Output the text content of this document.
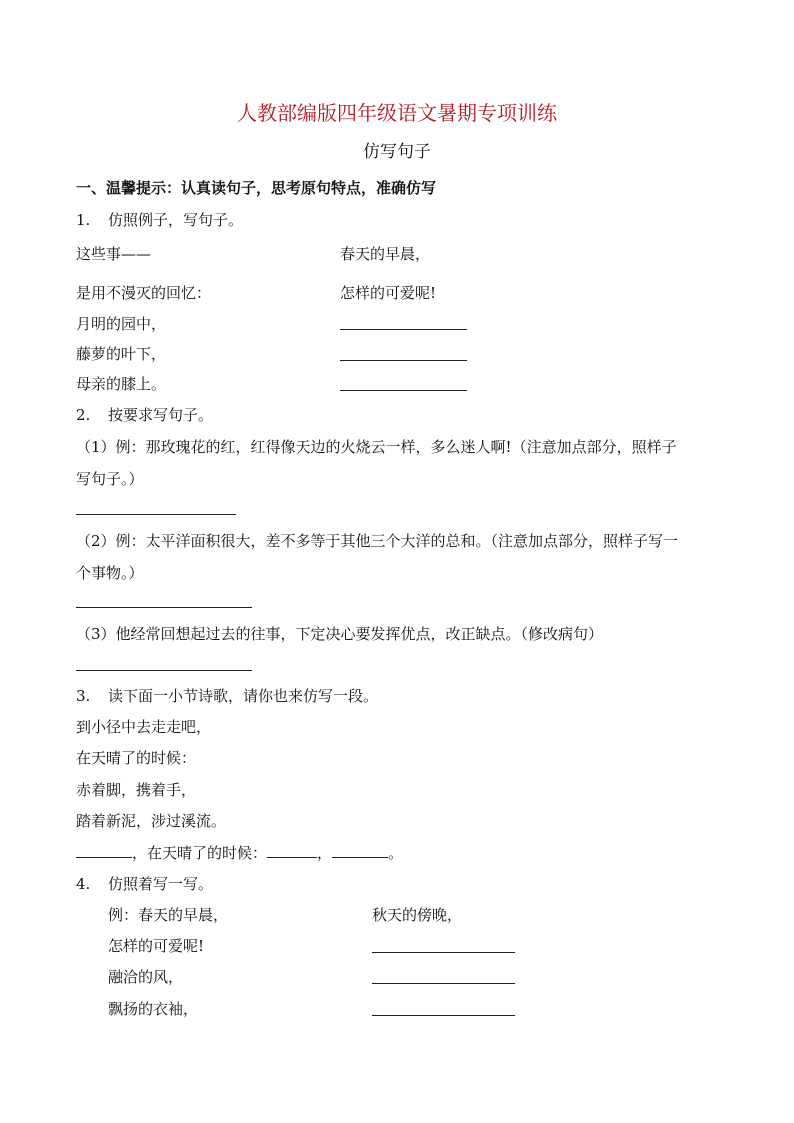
人教部编版四年级语文暑期专项训练
仿写句子
一、温馨提示：认真读句子，思考原句特点，准确仿写
1. 仿照例子，写句子。
这些事——
是用不漫灭的回忆：
月明的园中，
藤萝的叶下，
母亲的膝上。
春天的早晨，
怎样的可爱呢!
2. 按要求写句子。
（1）例：那玫瑰花的红，红得像天边的火烧云一样，多么迷人啊!（注意加点部分，照样子
写句子。）
（2）例：太平洋面积很大，差不多等于其他三个大洋的总和。（注意加点部分，照样子写一
个事物。）
（3）他经常回想起过去的往事，下定决心要发挥优点，改正缺点。（修改病句）
3. 读下面一小节诗歌，请你也来仿写一段。
到小径中去走走吧，
在天晴了的时候：
赤着脚，携着手，
踏着新泥，涉过溪流。
，在天晴了的时候：	，	。
4. 仿照着写一写。
例：春天的早晨，
怎样的可爱呢!
融洽的风，
飘扬的衣袖，
秋天的傍晚，
